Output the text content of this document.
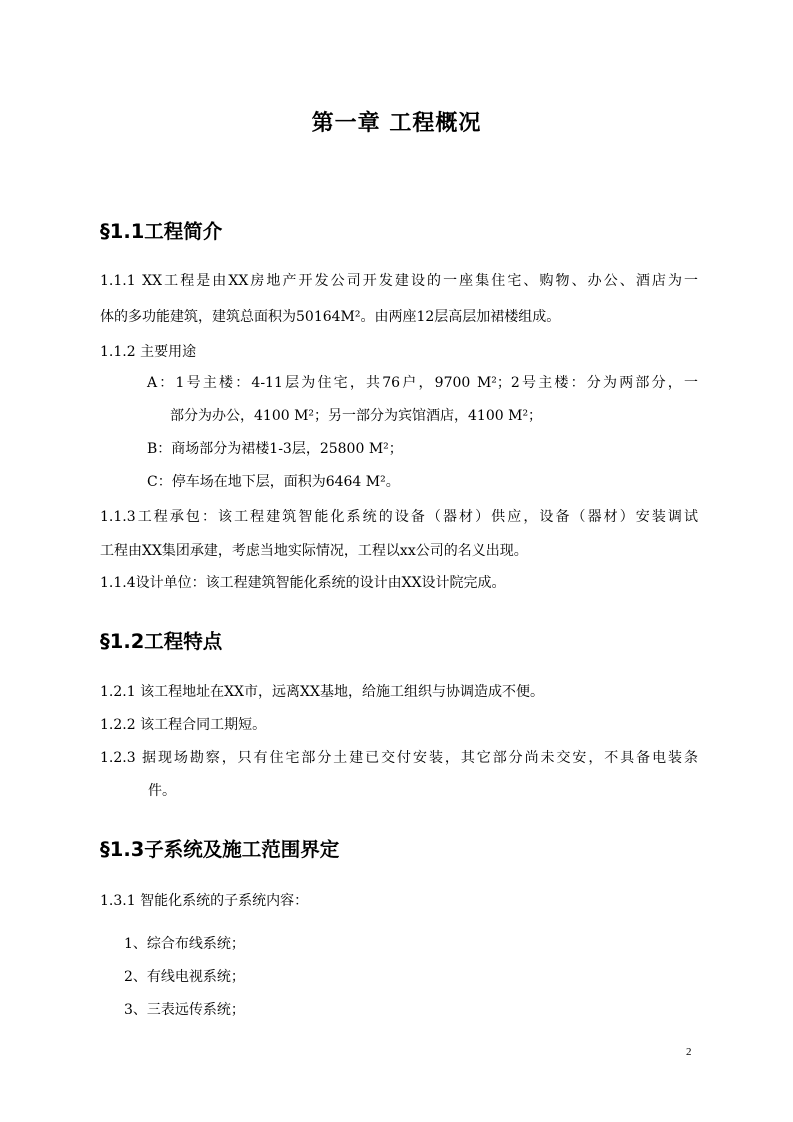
第一章 工程概况
§1.1工程简介
1.1.1 XX工程是由XX房地产开发公司开发建设的一座集住宅、购物、办公、酒店为一
体的多功能建筑，建筑总面积为50164M²。由两座12层高层加裙楼组成。
1.1.2 主要用途
A：1号主楼：4-11层为住宅，共76户，9700 M²；2号主楼：分为两部分，一
部分为办公，4100 M²；另一部分为宾馆酒店，4100 M²；
B：商场部分为裙楼1-3层，25800 M²；
C：停车场在地下层，面积为6464 M²。
1.1.3工程承包：该工程建筑智能化系统的设备（器材）供应，设备（器材）安装调试
工程由XX集团承建，考虑当地实际情况，工程以xx公司的名义出现。
1.1.4设计单位：该工程建筑智能化系统的设计由XX设计院完成。
§1.2工程特点
1.2.1 该工程地址在XX市，远离XX基地，给施工组织与协调造成不便。
1.2.2 该工程合同工期短。
1.2.3 据现场勘察，只有住宅部分土建已交付安装，其它部分尚未交安，不具备电装条
件。
§1.3子系统及施工范围界定
1.3.1 智能化系统的子系统内容：
1、综合布线系统；
2、有线电视系统；
3、三表远传系统；
2
